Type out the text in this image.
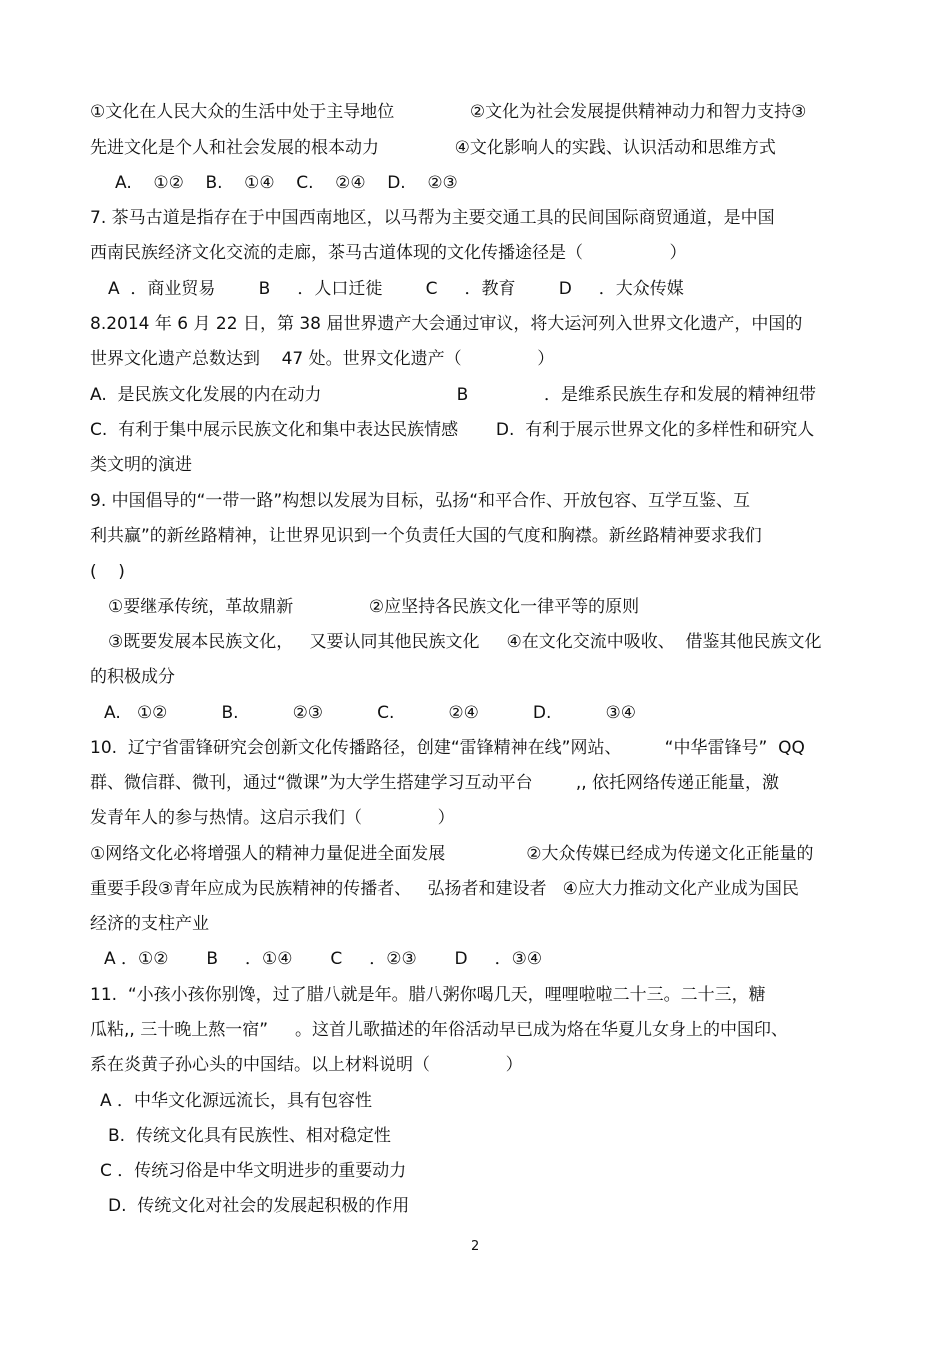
①文化在人民大众的生活中处于主导地位              ②文化为社会发展提供精神动力和智力支持③
先进文化是个人和社会发展的根本动力              ④文化影响人的实践、认识活动和思维方式
A.    ①②    B.    ①④    C.    ②④    D.    ②③
7. 茶马古道是指存在于中国西南地区，以马帮为主要交通工具的民间国际商贸通道，是中国
西南民族经济文化交流的走廊，茶马古道体现的文化传播途径是（                ）
A  ．商业贸易        B     ．人口迁徙        C     ．教育        D     ．大众传媒
8.2014 年 6 月 22 日，第 38 届世界遗产大会通过审议，将大运河列入世界文化遗产，中国的
世界文化遗产总数达到    47 处。世界文化遗产（              ）
A.  是民族文化发展的内在动力                         B              ．是维系民族生存和发展的精神纽带
C.  有利于集中展示民族文化和集中表达民族情感       D.  有利于展示世界文化的多样性和研究人
类文明的演进
9. 中国倡导的“一带一路”构想以发展为目标，弘扬“和平合作、开放包容、互学互鉴、互
利共赢”的新丝路精神，让世界见识到一个负责任大国的气度和胸襟。新丝路精神要求我们
(    )
①要继承传统，革故鼎新              ②应坚持各民族文化一律平等的原则
③既要发展本民族文化，   又要认同其他民族文化     ④在文化交流中吸收、  借鉴其他民族文化
的积极成分
A.   ①②          B.          ②③          C.          ②④          D.          ③④
10.  辽宁省雷锋研究会创新文化传播路径，创建“雷锋精神在线”网站、        “中华雷锋号”  QQ
群、微信群、微刊，通过“微课”为大学生搭建学习互动平台        ,, 依托网络传递正能量，激
发青年人的参与热情。这启示我们（              ）
①网络文化必将增强人的精神力量促进全面发展               ②大众传媒已经成为传递文化正能量的
重要手段③青年应成为民族精神的传播者、   弘扬者和建设者   ④应大力推动文化产业成为国民
经济的支柱产业
A ．①②       B     ．①④       C     ．②③       D     ．③④
11.  “小孩小孩你别馋，过了腊八就是年。腊八粥你喝几天，哩哩啦啦二十三。二十三，糖
瓜粘,, 三十晚上熬一宿”     。这首儿歌描述的年俗活动早已成为烙在华夏儿女身上的中国印、
系在炎黄子孙心头的中国结。以上材料说明（              ）
A ．中华文化源远流长，具有包容性
B.  传统文化具有民族性、相对稳定性
C ．传统习俗是中华文明进步的重要动力
D.  传统文化对社会的发展起积极的作用
2
